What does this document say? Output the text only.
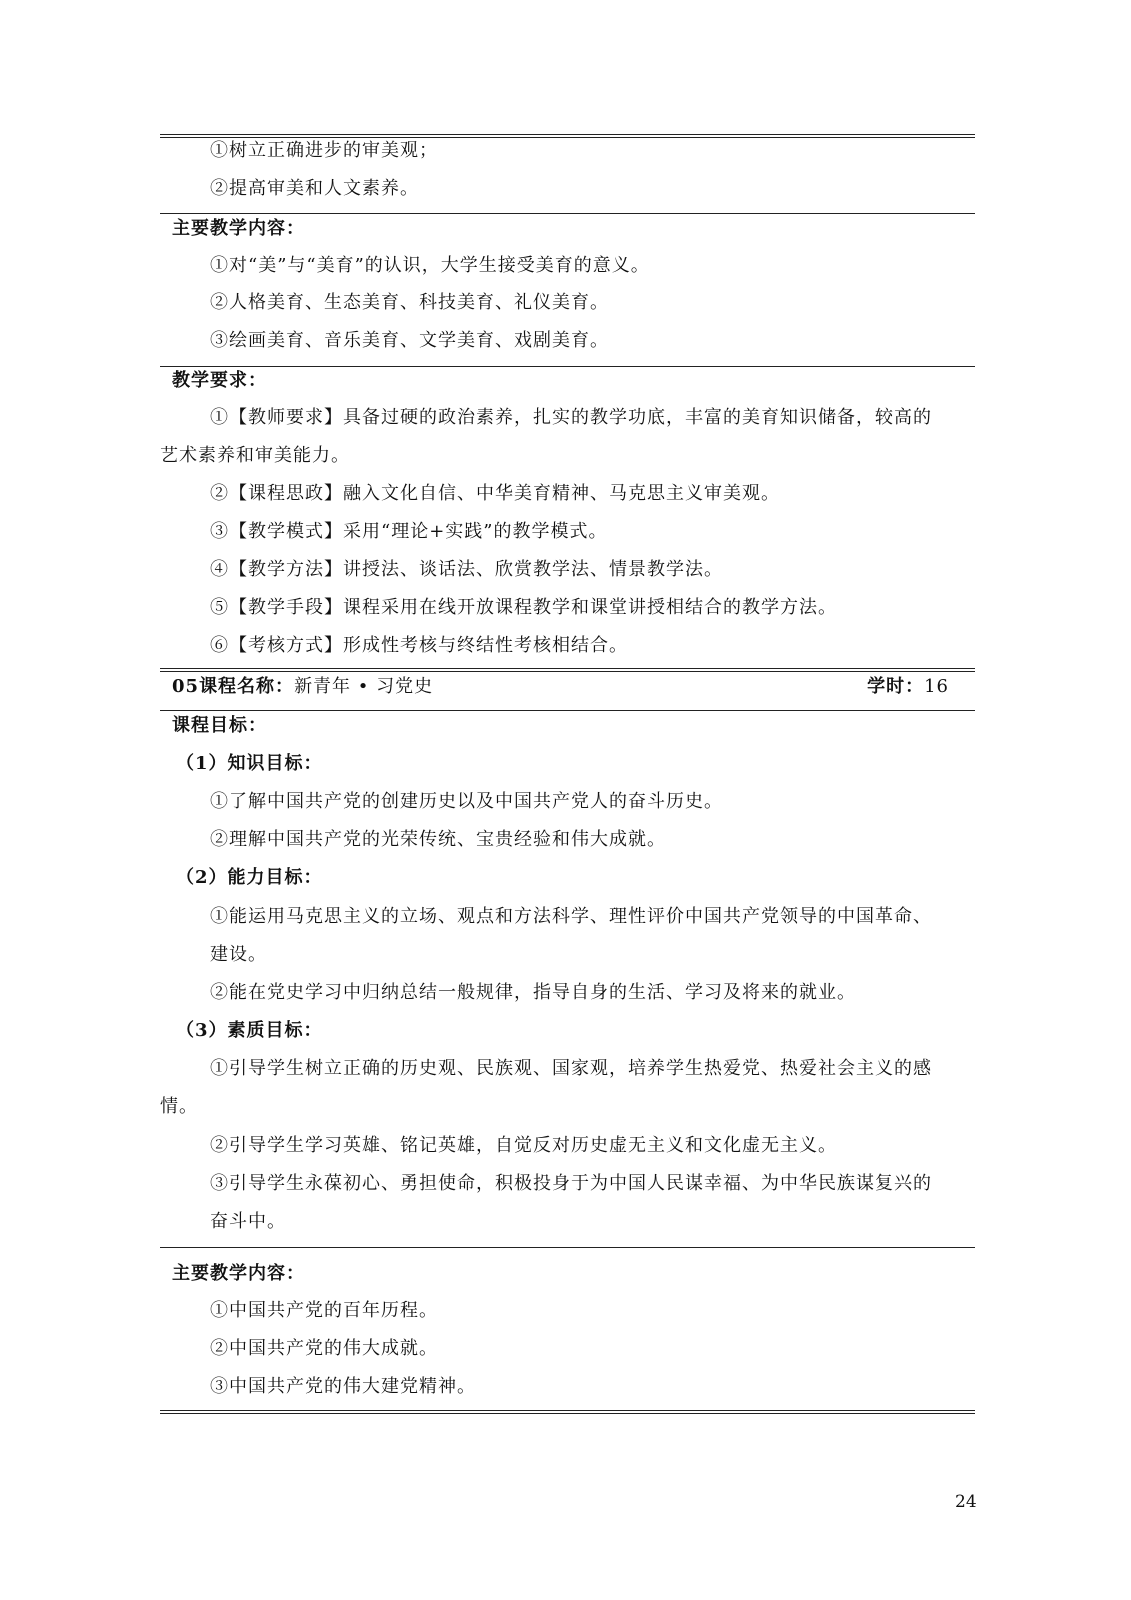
①树立正确进步的审美观；
②提高审美和人文素养。
主要教学内容：
①对“美”与“美育”的认识，大学生接受美育的意义。
②人格美育、生态美育、科技美育、礼仪美育。
③绘画美育、音乐美育、文学美育、戏剧美育。
教学要求：
①【教师要求】具备过硬的政治素养，扎实的教学功底，丰富的美育知识储备，较高的
艺术素养和审美能力。
②【课程思政】融入文化自信、中华美育精神、马克思主义审美观。
③【教学模式】采用“理论+实践”的教学模式。
④【教学方法】讲授法、谈话法、欣赏教学法、情景教学法。
⑤【教学手段】课程采用在线开放课程教学和课堂讲授相结合的教学方法。
⑥【考核方式】形成性考核与终结性考核相结合。
05课程名称：新青年 • 习党史	学时：16
课程目标：
（1）知识目标：
①了解中国共产党的创建历史以及中国共产党人的奋斗历史。
②理解中国共产党的光荣传统、宝贵经验和伟大成就。
（2）能力目标：
①能运用马克思主义的立场、观点和方法科学、理性评价中国共产党领导的中国革命、
建设。
②能在党史学习中归纳总结一般规律，指导自身的生活、学习及将来的就业。
（3）素质目标：
①引导学生树立正确的历史观、民族观、国家观，培养学生热爱党、热爱社会主义的感
情。
②引导学生学习英雄、铭记英雄，自觉反对历史虚无主义和文化虚无主义。
③引导学生永葆初心、勇担使命，积极投身于为中国人民谋幸福、为中华民族谋复兴的
奋斗中。
主要教学内容：
①中国共产党的百年历程。
②中国共产党的伟大成就。
③中国共产党的伟大建党精神。
24
